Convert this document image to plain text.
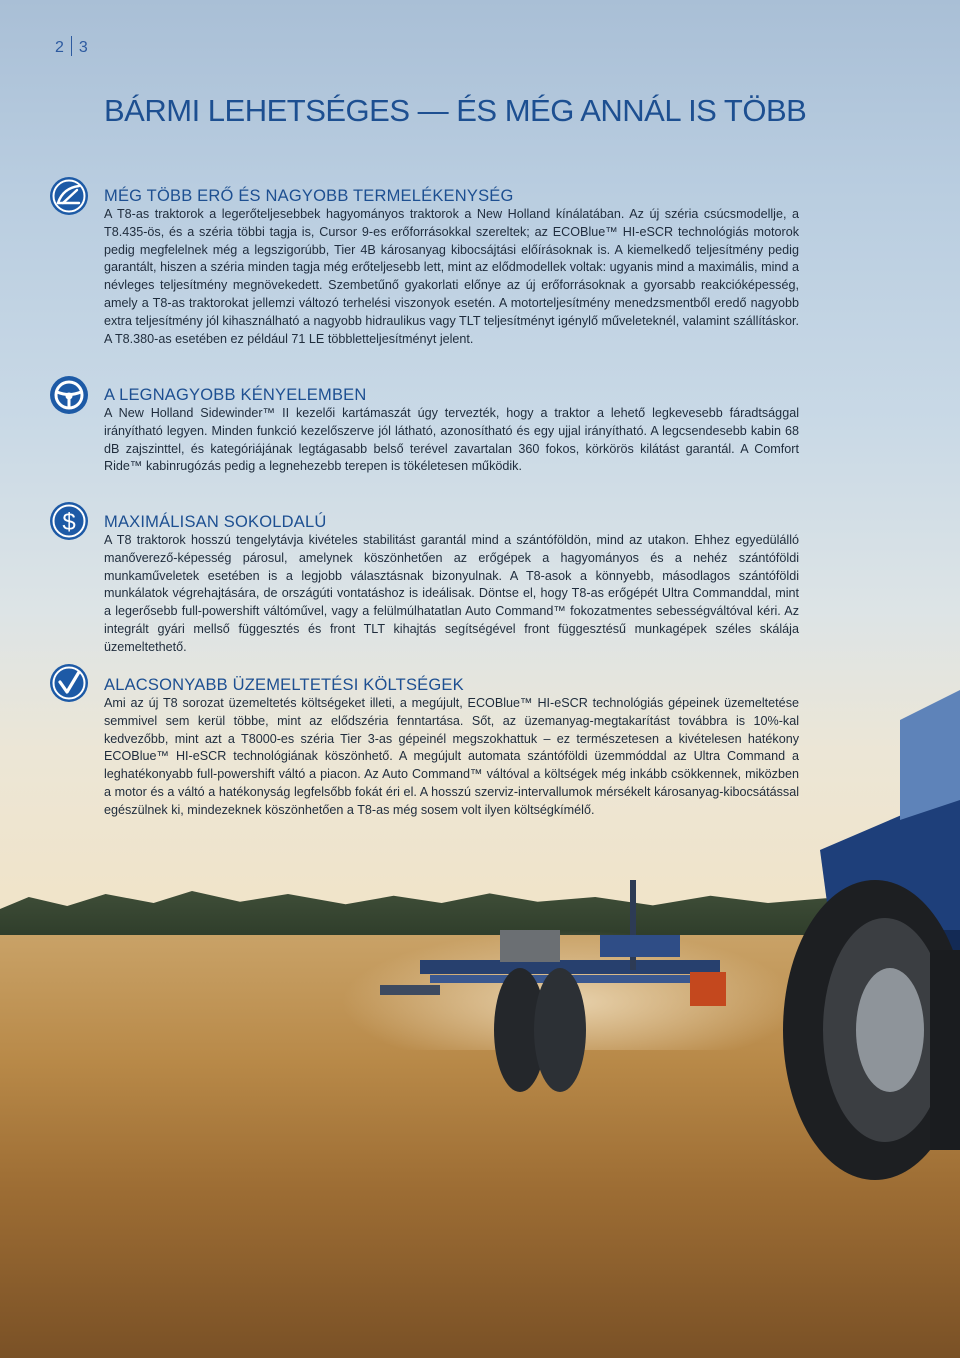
2 3
BÁRMI LEHETSÉGES — ÉS MÉG ANNÁL IS TÖBB
$
MÉG TÖBB ERŐ ÉS NAGYOBB TERMELÉKENYSÉG

A T8-as traktorok a legerőteljesebbek hagyományos traktorok a New Holland kínálatában. Az új széria csúcsmodellje, a T8.435-ös, és a széria többi tagja is, Cursor 9-es erőforrásokkal szereltek; az ECOBlue™ HI-eSCR technológiás motorok pedig megfelelnek még a legszigorúbb, Tier 4B károsanyag kibocsájtási előírásoknak is. A kiemelkedő teljesítmény pedig garantált, hiszen a széria minden tagja még erőteljesebb lett, mint az elődmodellek voltak: ugyanis mind a maximális, mind a névleges teljesítmény megnövekedett. Szembetűnő gyakorlati előnye az új erőforrásoknak a gyorsabb reakcióképesség, amely a T8-as traktorokat jellemzi változó terhelési viszonyok esetén. A motorteljesítmény menedzsmentből eredő nagyobb extra teljesítmény jól kihasználható a nagyobb hidraulikus vagy TLT teljesítményt igénylő műveleteknél, valamint szállításkor. A T8.380-as esetében ez például 71 LE többletteljesítményt jelent.

A LEGNAGYOBB KÉNYELEMBEN

A New Holland Sidewinder™ II kezelői kartámaszát úgy tervezték, hogy a traktor a lehető legkevesebb fáradtsággal irányítható legyen. Minden funkció kezelőszerve jól látható, azonosítható és egy ujjal irányítható. A legcsendesebb kabin 68 dB zajszinttel, és kategóriájának legtágasabb belső terével zavartalan 360 fokos, körkörös kilátást garantál. A Comfort Ride™ kabinrugózás pedig a legnehezebb terepen is tökéletesen működik.

MAXIMÁLISAN SOKOLDALÚ

A T8 traktorok hosszú tengelytávja kivételes stabilitást garantál mind a szántóföldön, mind az utakon. Ehhez egyedülálló manőverező-képesség párosul, amelynek köszönhetően az erőgépek a hagyományos és a nehéz szántóföldi munkaműveletek esetében is a legjobb választásnak bizonyulnak. A T8-asok a könnyebb, másodlagos szántóföldi munkálatok végrehajtására, de országúti vontatáshoz is ideálisak. Döntse el, hogy T8-as erőgépét Ultra Commanddal, mint a legerősebb full-powershift váltóművel, vagy a felülmúlhatatlan Auto Command™ fokozatmentes sebességváltóval kéri. Az integrált gyári mellső függesztés és front TLT kihajtás segítségével front függesztésű munkagépek széles skálája üzemeltethető.

ALACSONYABB ÜZEMELTETÉSI KÖLTSÉGEK

Ami az új T8 sorozat üzemeltetés költségeket illeti, a megújult, ECOBlue™ HI-eSCR technológiás gépeinek üzemeltetése semmivel sem kerül többe, mint az elődszéria fenntartása. Sőt, az üzemanyag-megtakarítást továbbra is 10%-kal kedvezőbb, mint azt a T8000-es széria Tier 3-as gépeinél megszokhattuk – ez természetesen a kivételesen hatékony ECOBlue™ HI-eSCR technológiának köszönhető. A megújult automata szántóföldi üzemmóddal az Ultra Command a leghatékonyabb full-powershift váltó a piacon. Az Auto Command™ váltóval a költségek még inkább csökkennek, miközben a motor és a váltó a hatékonyság legfelsőbb fokát éri el. A hosszú szerviz-intervallumok mérsékelt károsanyag-kibocsátással egészülnek ki, mindezeknek köszönhetően a T8-as még sosem volt ilyen költségkímélő.
